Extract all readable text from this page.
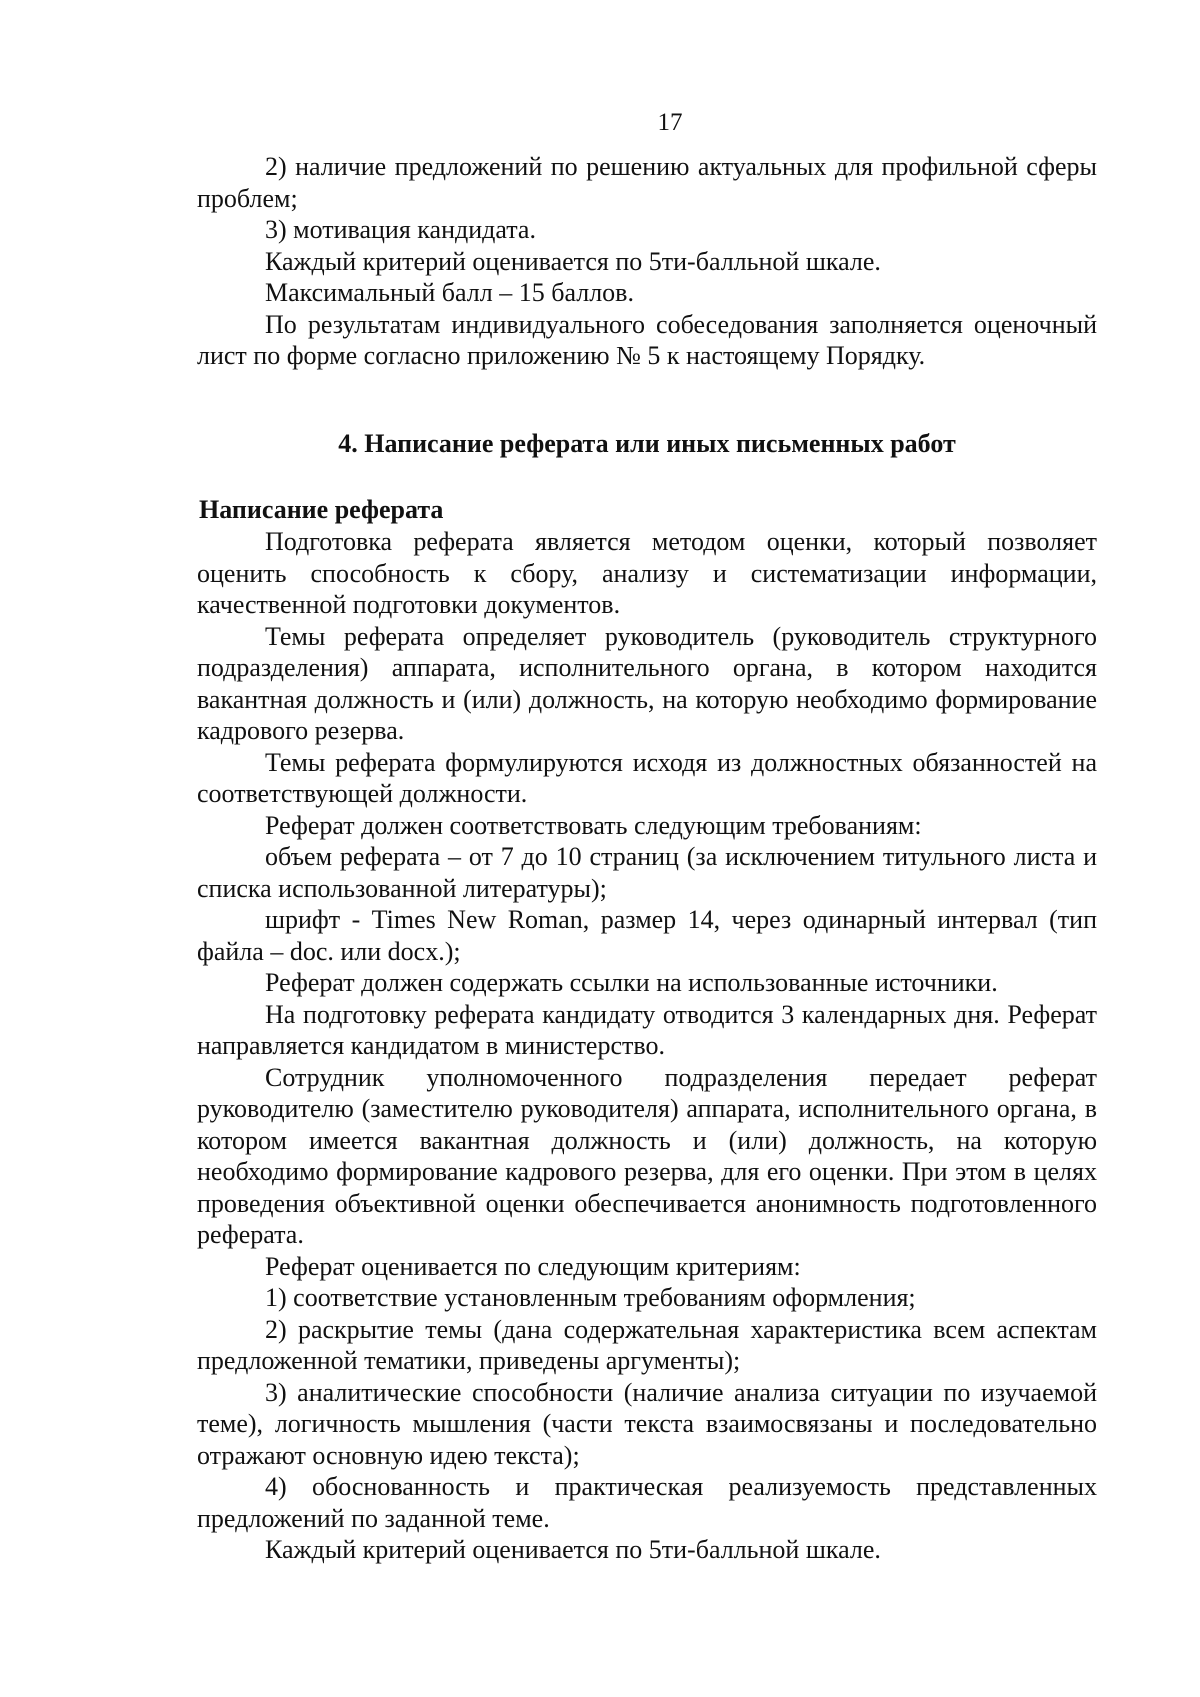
17

2) наличие предложений по решению актуальных для профильной сферы проблем;

3) мотивация кандидата.

Каждый критерий оценивается по 5ти-балльной шкале.

Максимальный балл – 15 баллов.

По результатам индивидуального собеседования заполняется оценочный лист по форме согласно приложению № 5 к настоящему Порядку.

4. Написание реферата или иных письменных работ
Написание реферата

Подготовка реферата является методом оценки, который позволяет оценить способность к сбору, анализу и систематизации информации, качественной подготовки документов.

Темы реферата определяет руководитель (руководитель структурного подразделения) аппарата, исполнительного органа, в котором находится вакантная должность и (или) должность, на которую необходимо формирование кадрового резерва.

Темы реферата формулируются исходя из должностных обязанностей на соответствующей должности.

Реферат должен соответствовать следующим требованиям:

объем реферата – от 7 до 10 страниц (за исключением титульного листа и списка использованной литературы);

шрифт - Times New Roman, размер 14, через одинарный интервал (тип файла – doc. или docx.);

Реферат должен содержать ссылки на использованные источники.

На подготовку реферата кандидату отводится 3 календарных дня. Реферат направляется кандидатом в министерство.

Сотрудник уполномоченного подразделения передает реферат руководителю (заместителю руководителя) аппарата, исполнительного органа, в котором имеется вакантная должность и (или) должность, на которую необходимо формирование кадрового резерва, для его оценки. При этом в целях проведения объективной оценки обеспечивается анонимность подготовленного реферата.

Реферат оценивается по следующим критериям:

1) соответствие установленным требованиям оформления;

2) раскрытие темы (дана содержательная характеристика всем аспектам предложенной тематики, приведены аргументы);

3) аналитические способности (наличие анализа ситуации по изучаемой теме), логичность мышления (части текста взаимосвязаны и последовательно отражают основную идею текста);

4) обоснованность и практическая реализуемость представленных предложений по заданной теме.

Каждый критерий оценивается по 5ти-балльной шкале.
